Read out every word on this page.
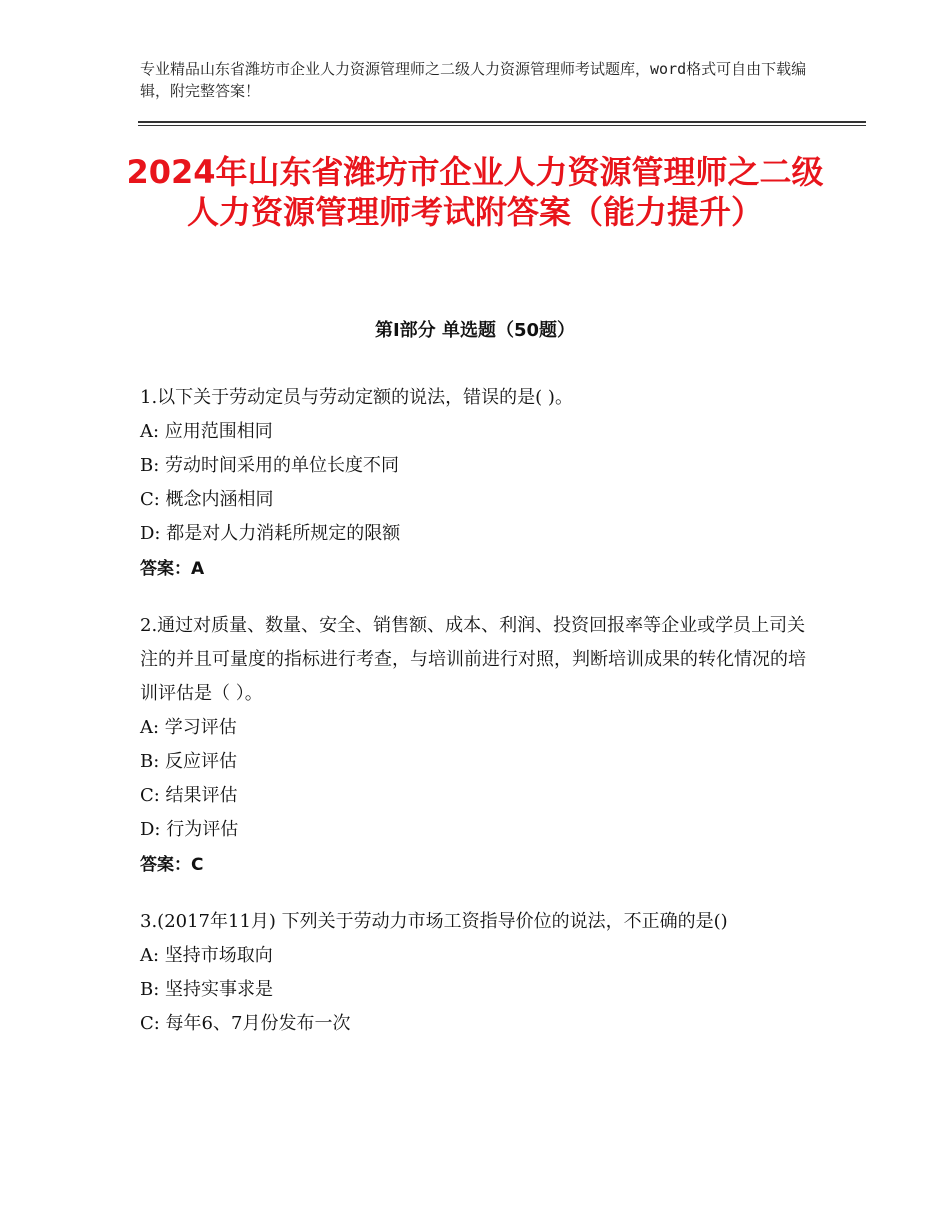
专业精品山东省潍坊市企业人力资源管理师之二级人力资源管理师考试题库，word格式可自由下载编辑，附完整答案！
2024年山东省潍坊市企业人力资源管理师之二级人力资源管理师考试附答案（能力提升）
第Ⅰ部分 单选题（50题）

1.以下关于劳动定员与劳动定额的说法，错误的是( )。

A: 应用范围相同

B: 劳动时间采用的单位长度不同

C: 概念内涵相同

D: 都是对人力消耗所规定的限额

答案：A

2.通过对质量、数量、安全、销售额、成本、利润、投资回报率等企业或学员上司关注的并且可量度的指标进行考查，与培训前进行对照，判断培训成果的转化情况的培训评估是（ ）。

A: 学习评估

B: 反应评估

C: 结果评估

D: 行为评估

答案：C

3.(2017年11月) 下列关于劳动力市场工资指导价位的说法，不正确的是()

A: 坚持市场取向

B: 坚持实事求是

C: 每年6、7月份发布一次
